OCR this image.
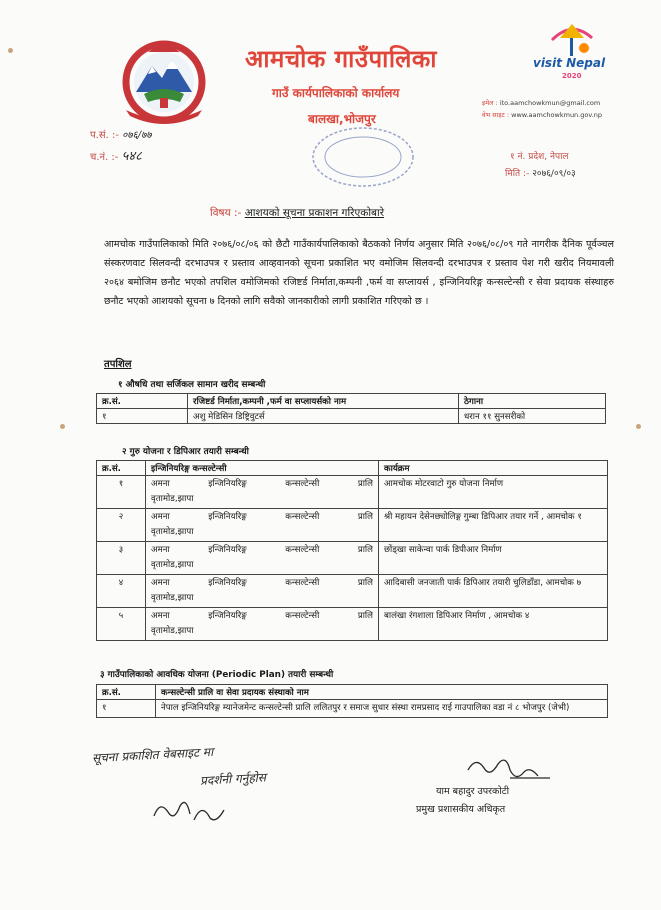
visit Nepal
2020
आमचोक गाउँपालिका
गाउँ कार्यपालिकाको कार्यालय
बालखा,भोजपुर
इमेल : ito.aamchowkmun@gmail.com
वेभ साइट : www.aamchowkmun.gov.np
प.सं. :- ०७६/७७
च.नं. :- ५४८	१ नं. प्रदेश, नेपाल
मिति :- २०७६/०९/०३
विषय :- आशयको सूचना प्रकाशन गरिएकोबारे
आमचोक गाउँपालिकाको मिति २०७६/०८/०६ को छैटौ गाउँकार्यपालिकाको बैठकको निर्णय अनुसार मिति २०७६/०८/०९ गते नागरीक दैनिक पूर्वञ्चल संस्करणवाट सिलवन्दी दरभाउपत्र र प्रस्ताव आव्हवानको सूचना प्रकाशित भए वमोजिम सिलवन्दी दरभाउपत्र र प्रस्ताव पेश गरी खरीद नियमावली २०६४ बमोजिम छनौट भएको तपशिल वमोजिमको रजिष्टर्ड निर्माता,कम्पनी ,फर्म वा सप्लायर्स , इन्जिनियरिङ्ग कन्सल्टेन्सी र सेवा प्रदायक संस्थाहरु छनौट भएको आशयको सूचना ७ दिनको लागि सवैको जानकारीको लागी प्रकाशित गरिएको छ ।
तपशिल
१ औषधि तथा सर्जिकल सामान खरीद सम्बन्धी
क्र.सं.	रजिष्टर्ड निर्माता,कम्पनी ,फर्म वा सप्लायर्सको नाम	ठेगाना
१	अशु मेडिसिन डिष्ट्रिवुटर्स	धरान ११ सुनसरीको
२ गुरु योजना र डिपिआर तयारी सम्बन्धी
क्र.सं.	इन्जिनियरिङ्ग कन्सल्टेन्सी	कार्यक्रम
१	अमना इन्जिनियरिङ्ग कन्सल्टेन्सी प्रालि
वृतामोड,झापा	आमचोक मोटरवाटो गुरु योजना निर्माण
२	अमना इन्जिनियरिङ्ग कन्सल्टेन्सी प्रालि
वृतामोड,झापा	श्री महायन देसेनछ्योलिङ्ग गुम्बा डिपिआर तयार गर्ने , आमचोक १
३	अमना इन्जिनियरिङ्ग कन्सल्टेन्सी प्रालि
वृतामोड,झापा	छोंड्खा साकेन्वा पार्क डिपीआर निर्माण
४	अमना इन्जिनियरिङ्ग कन्सल्टेन्सी प्रालि
वृतामोड,झापा	आदिबासी जनजाती पार्क डिपिआर तयारी चुलिडाँडा, आमचोक ७
५	अमना इन्जिनियरिङ्ग कन्सल्टेन्सी प्रालि
वृतामोड,झापा	बालंखा रंगशाला डिपिआर निर्माण , आमचोक ४
३ गाउँपालिकाको आवधिक योजना (Periodic Plan) तयारी सम्बन्धी
क्र.सं.	कन्सल्टेन्सी प्रालि वा सेवा प्रदायक संस्थाको नाम
१	नेपाल इन्जिनियरिङ्ग म्यानेजमेन्ट कन्सल्टेन्सी प्रालि ललितपुर र समाज सुधार संस्था रामप्रसाद राई गाउपालिका वडा नं ८ भोजपुर (जेभी)
सूचना प्रकाशित वेबसाइट मा
प्रदर्शनी गर्नुहोस
याम बहादुर उपरकोटी
प्रमुख प्रशासकीय अधिकृत
